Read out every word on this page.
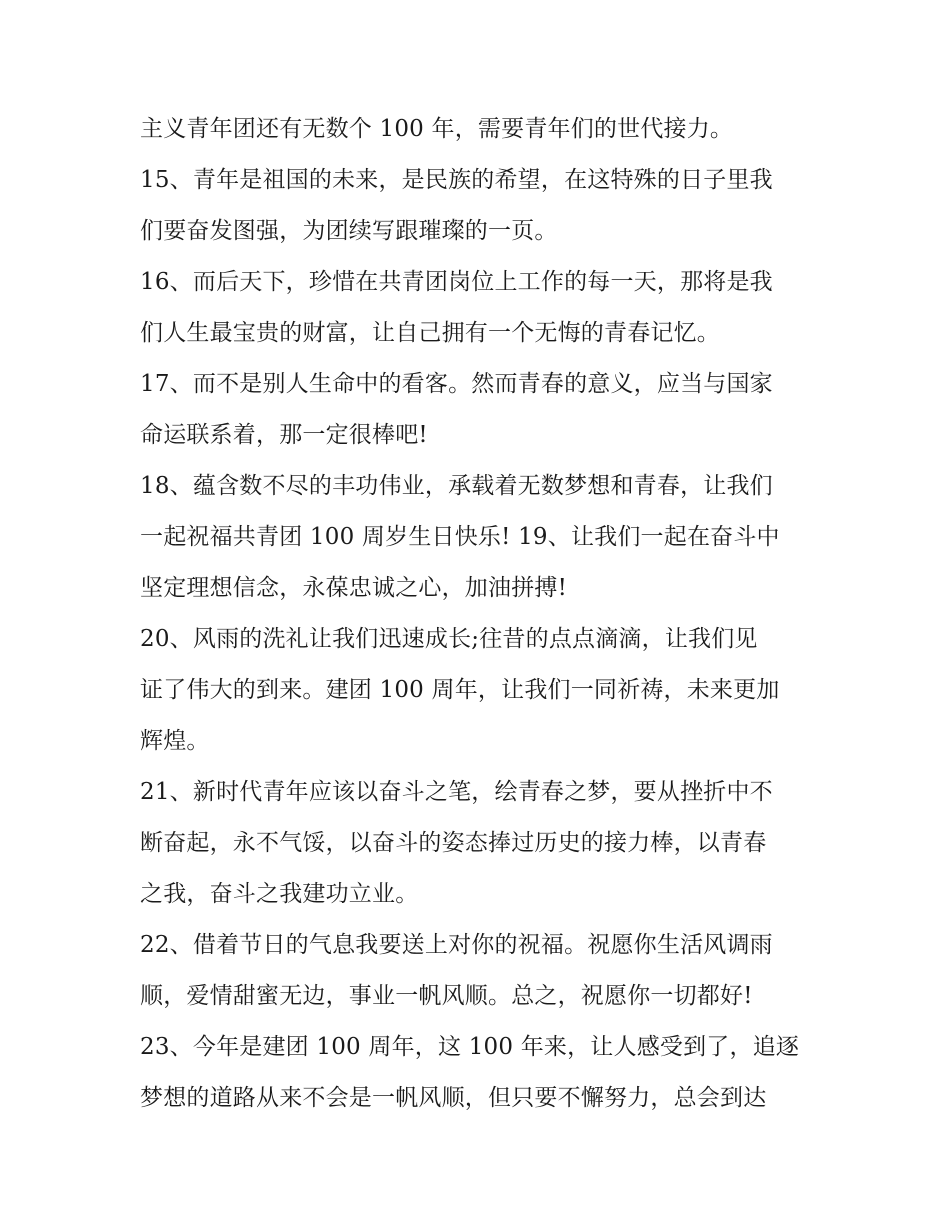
主义青年团还有无数个 100 年，需要青年们的世代接力。
15、青年是祖国的未来，是民族的希望，在这特殊的日子里我
们要奋发图强，为团续写跟璀璨的一页。
16、而后天下，珍惜在共青团岗位上工作的每一天，那将是我
们人生最宝贵的财富，让自己拥有一个无悔的青春记忆。
17、而不是别人生命中的看客。然而青春的意义，应当与国家
命运联系着，那一定很棒吧!
18、蕴含数不尽的丰功伟业，承载着无数梦想和青春，让我们
一起祝福共青团 100 周岁生日快乐! 19、让我们一起在奋斗中
坚定理想信念，永葆忠诚之心，加油拼搏!
20、风雨的洗礼让我们迅速成长;往昔的点点滴滴，让我们见
证了伟大的到来。建团 100 周年，让我们一同祈祷，未来更加
辉煌。
21、新时代青年应该以奋斗之笔，绘青春之梦，要从挫折中不
断奋起，永不气馁，以奋斗的姿态捧过历史的接力棒，以青春
之我，奋斗之我建功立业。
22、借着节日的气息我要送上对你的祝福。祝愿你生活风调雨
顺，爱情甜蜜无边，事业一帆风顺。总之，祝愿你一切都好!
23、今年是建团 100 周年，这 100 年来，让人感受到了，追逐
梦想的道路从来不会是一帆风顺，但只要不懈努力，总会到达
